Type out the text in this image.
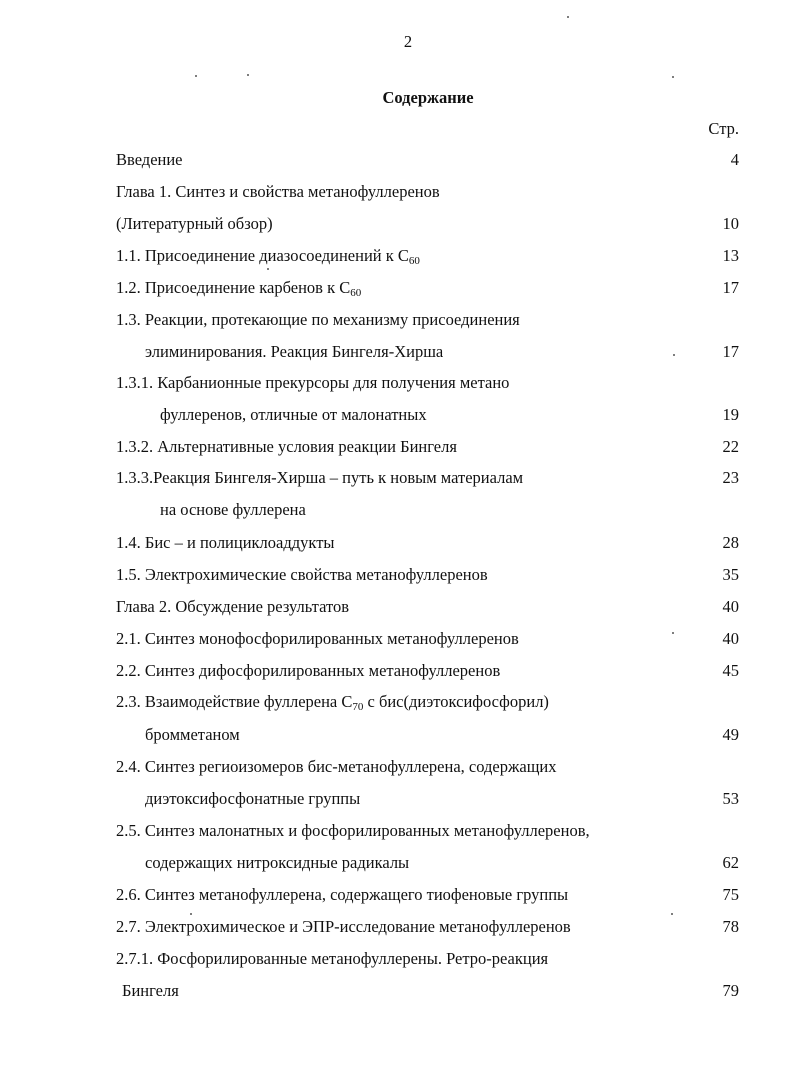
2
Содержание
Стр.
Введение	4
Глава 1. Синтез и свойства метанофуллеренов
(Литературный обзор)	10
1.1. Присоединение диазосоединений к $C_{60}$	13
1.2. Присоединение карбенов к $C_{60}$	17
1.3. Реакции, протекающие по механизму присоединения
элиминирования. Реакция Бингеля-Хирша	17
1.3.1. Карбанионные прекурсоры для получения метано
фуллеренов, отличные от малонатных	19
1.3.2. Альтернативные условия реакции Бингеля	22
1.3.3.Реакция Бингеля-Хирша – путь к новым материалам	23
на основе фуллерена
1.4. Бис – и полициклоаддукты	28
1.5. Электрохимические свойства метанофуллеренов	35
Глава 2. Обсуждение результатов	40
2.1. Синтез монофосфорилированных метанофуллеренов	40
2.2. Синтез дифосфорилированных метанофуллеренов	45
2.3. Взаимодействие фуллерена $C_{70}$ с бис(диэтоксифосфорил)
бромметаном	49
2.4. Синтез региоизомеров бис-метанофуллерена, содержащих
диэтоксифосфонатные группы	53
2.5. Синтез малонатных и фосфорилированных метанофуллеренов,
содержащих нитроксидные радикалы	62
2.6. Синтез метанофуллерена, содержащего тиофеновые группы	75
2.7. Электрохимическое и ЭПР-исследование метанофуллеренов	78
2.7.1. Фосфорилированные метанофуллерены. Ретро-реакция
Бингеля	79
